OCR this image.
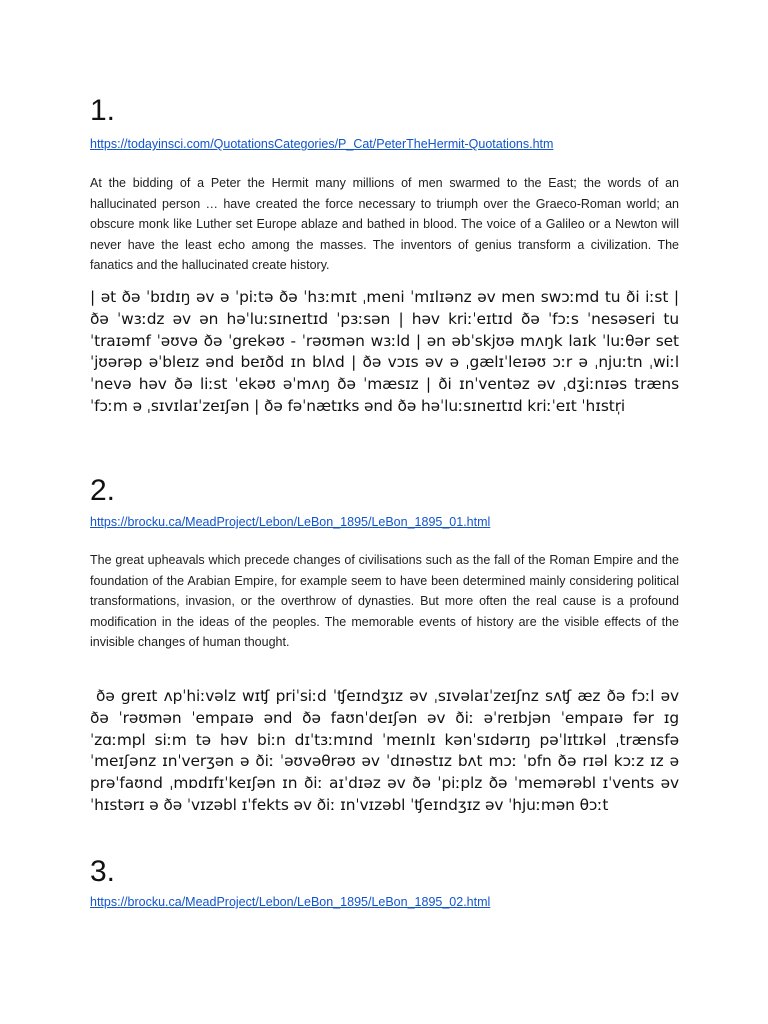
1.
https://todayinsci.com/QuotationsCategories/P_Cat/PeterTheHermit-Quotations.htm
At the bidding of a Peter the Hermit many millions of men swarmed to the East; the words of an hallucinated person … have created the force necessary to triumph over the Graeco-Roman world; an obscure monk like Luther set Europe ablaze and bathed in blood. The voice of a Galileo or a Newton will never have the least echo among the masses. The inventors of genius transform a civilization. The fanatics and the hallucinated create history.
| ət ðə ˈbɪdɪŋ əv ə ˈpiːtə ðə ˈhɜːmɪt ˌmeni ˈmɪlɪənz əv men swɔːmd tu ði iːst | ðə ˈwɜːdz əv ən həˈluːsɪneɪtɪd ˈpɜːsən | həv kriːˈeɪtɪd ðə ˈfɔːs ˈnesəseri tu ˈtraɪəmf ˈəʊvə ðə ˈgrekəʊ - ˈrəʊmən wɜːld | ən əbˈskjʊə mʌŋk laɪk ˈluːθər set ˈjʊərəp əˈbleɪz ənd beɪðd ɪn blʌd | ðə vɔɪs əv ə ˌgælɪˈleɪəʊ ɔːr ə ˌnjuːtn ˌwiːl ˈnevə həv ðə liːst ˈekəʊ əˈmʌŋ ðə ˈmæsɪz | ði ɪnˈventəz əv ˌdʒiːnɪəs trænsˈfɔːm ə ˌsɪvɪlaɪˈzeɪʃən | ðə fəˈnætɪks ənd ðə həˈluːsɪneɪtɪd kriːˈeɪt ˈhɪstr̩i
2.
https://brocku.ca/MeadProject/Lebon/LeBon_1895/LeBon_1895_01.html
The great upheavals which precede changes of civilisations such as the fall of the Roman Empire and the foundation of the Arabian Empire, for example seem to have been determined mainly considering political transformations, invasion, or the overthrow of dynasties. But more often the real cause is a profound modification in the ideas of the peoples. The memorable events of history are the visible effects of the invisible changes of human thought.
ðə greɪt ʌpˈhiːvəlz wɪʧ priˈsiːd ˈʧeɪndʒɪz əv ˌsɪvəlaɪˈzeɪʃnz sʌʧ æz ðə fɔːl əv ðə ˈrəʊmən ˈempaɪə ənd ðə faʊnˈdeɪʃən əv ðiː əˈreɪbjən ˈempaɪə fər ɪgˈzɑːmpl siːm tə həv biːn dɪˈtɜːmɪnd ˈmeɪnlɪ kənˈsɪdərɪŋ pəˈlɪtɪkəl ˌtrænsfəˈmeɪʃənz ɪnˈverʒən ə ðiː ˈəʊvəθrəʊ əv ˈdɪnəstɪz bʌt mɔː ˈɒfn ðə rɪəl kɔːz ɪz ə prəˈfaʊnd ˌmɒdɪfɪˈkeɪʃən ɪn ðiː aɪˈdɪəz əv ðə ˈpiːplz ðə ˈmemərəbl ɪˈvents əv ˈhɪstərɪ ə ðə ˈvɪzəbl ɪˈfekts əv ðiː ɪnˈvɪzəbl ˈʧeɪndʒɪz əv ˈhjuːmən θɔːt
3.
https://brocku.ca/MeadProject/Lebon/LeBon_1895/LeBon_1895_02.html
